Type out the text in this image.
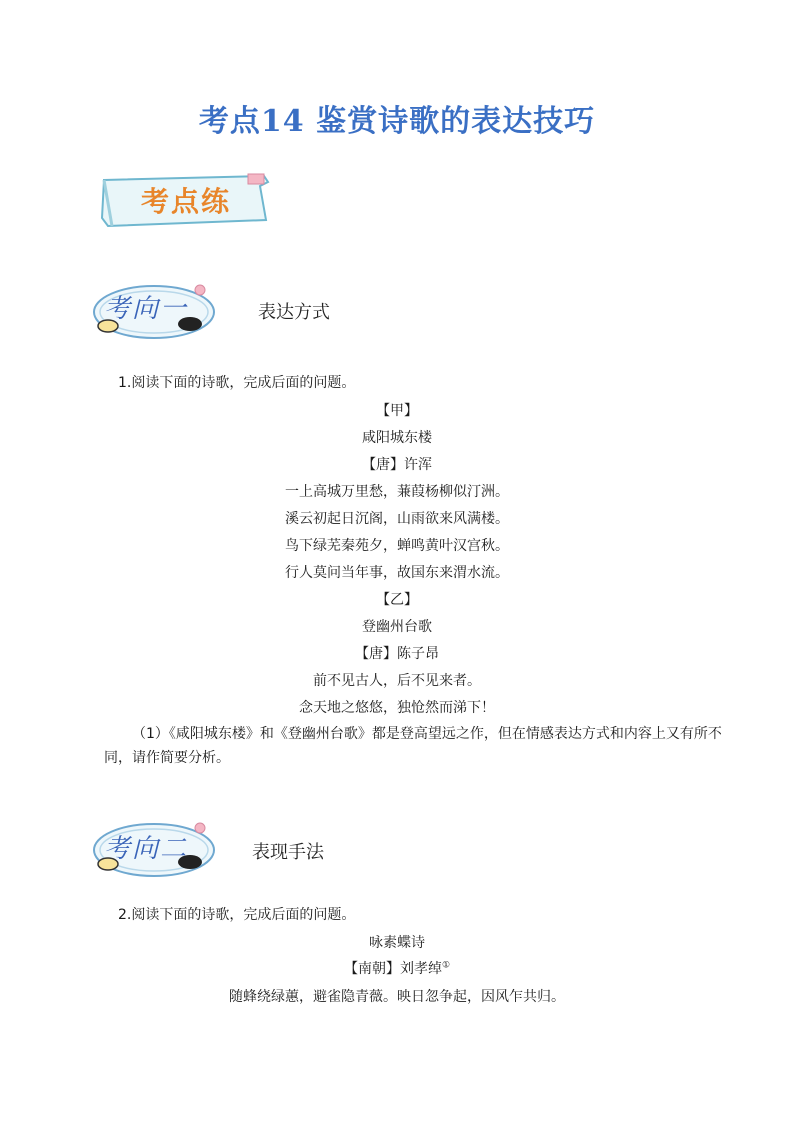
考点14 鉴赏诗歌的表达技巧
考点练
考向一	表达方式
1.阅读下面的诗歌，完成后面的问题。
【甲】
咸阳城东楼
【唐】许浑
一上高城万里愁，蒹葭杨柳似汀洲。
溪云初起日沉阁，山雨欲来风满楼。
鸟下绿芜秦苑夕，蝉鸣黄叶汉宫秋。
行人莫问当年事，故国东来渭水流。
【乙】
登幽州台歌
【唐】陈子昂
前不见古人，后不见来者。
念天地之悠悠，独怆然而涕下！
（1）《咸阳城东楼》和《登幽州台歌》都是登高望远之作，但在情感表达方式和内容上又有所不同，请作简要分析。
考向二	表现手法
2.阅读下面的诗歌，完成后面的问题。
咏素蝶诗
【南朝】刘孝绰①
随蜂绕绿蕙，避雀隐青薇。映日忽争起，因风乍共归。
